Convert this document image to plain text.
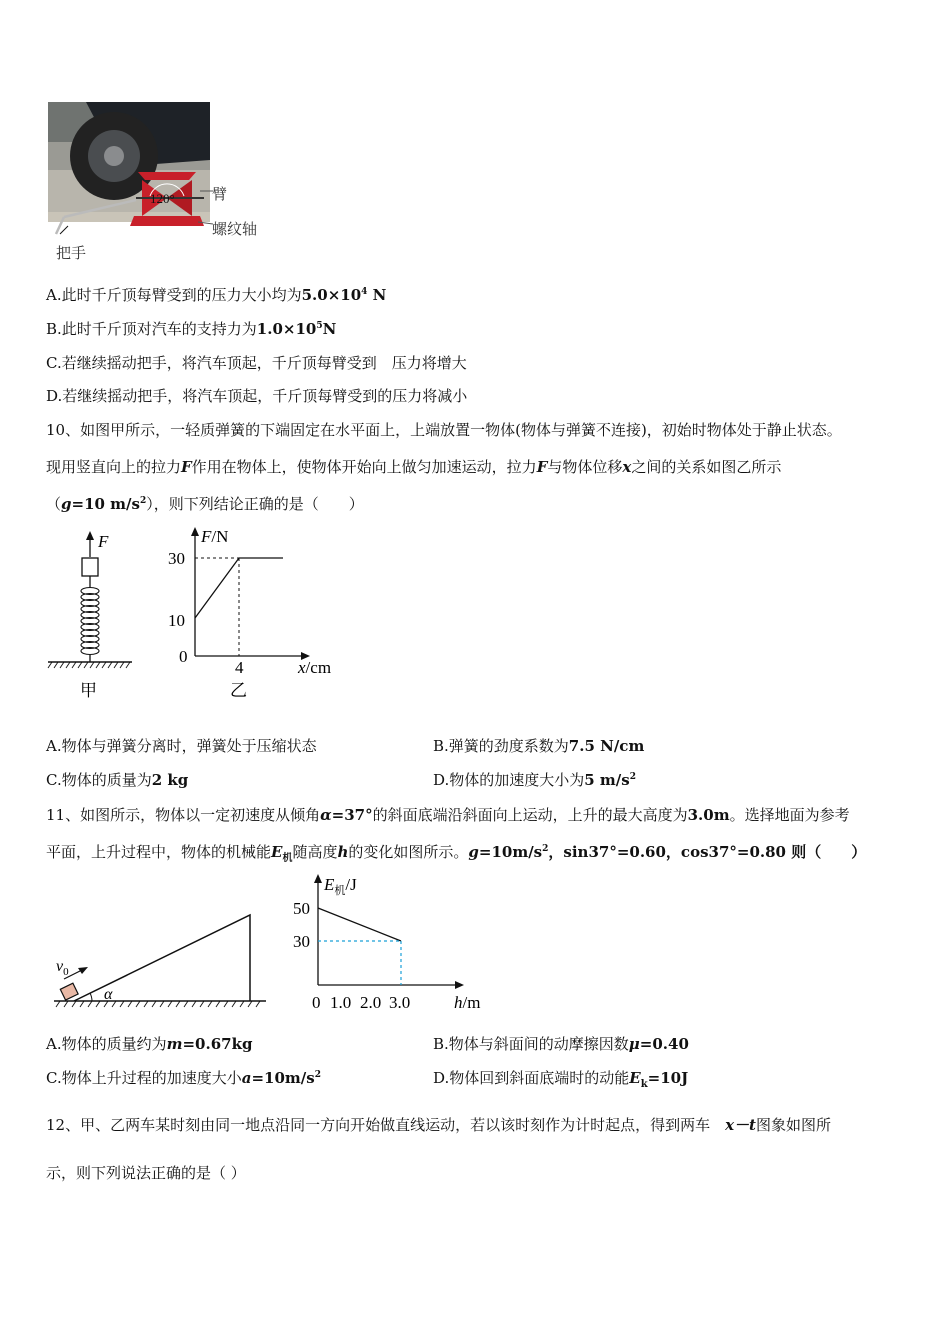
120° 臂
螺纹轴
把手
A.此时千斤顶每臂受到的压力大小均为$5.0\times 10^4$ N
B.此时千斤顶对汽车的支持力为$1.0\times 10^5N$
C.若继续摇动把手，将汽车顶起，千斤顶每臂受到　压力将增大
D.若继续摇动把手，将汽车顶起，千斤顶每臂受到的压力将减小
10、如图甲所示，一轻质弹簧的下端固定在水平面上，上端放置一物体(物体与弹簧不连接)，初始时物体处于静止状态。
现用竖直向上的拉力F作用在物体上，使物体开始向上做匀加速运动，拉力F与物体位移x之间的关系如图乙所示
（g=10 $m/s^2$），则下列结论正确的是（　　）
F
甲
F/N
x/cm
30
10
0
4
乙
A.物体与弹簧分离时，弹簧处于压缩状态	B.弹簧的劲度系数为7.5 N/cm
C.物体的质量为2 kg	D.物体的加速度大小为5 $m/s^2$
11、如图所示，物体以一定初速度从倾角α=37°的斜面底端沿斜面向上运动，上升的最大高度为3.0m。选择地面为参考
平面，上升过程中，物体的机械能$E_机$随高度h的变化如图所示。$g=10m/s^2$，sin37°=0.60，cos37°=0.80 则（　　）
α
$v_0$
$E_机/J$
50
30
0 1.0 2.0 3.0	h/m
A.物体的质量约为m=0.67kg	B.物体与斜面间的动摩擦因数μ=0.40
C.物体上升过程的加速度大小$a=10m/s^2$	D.物体回到斜面底端时的动能$E_k=10J$
12、甲、乙两车某时刻由同一地点沿同一方向开始做直线运动，若以该时刻作为计时起点，得到两车　x－t图象如图所
示，则下列说法正确的是（ ）
